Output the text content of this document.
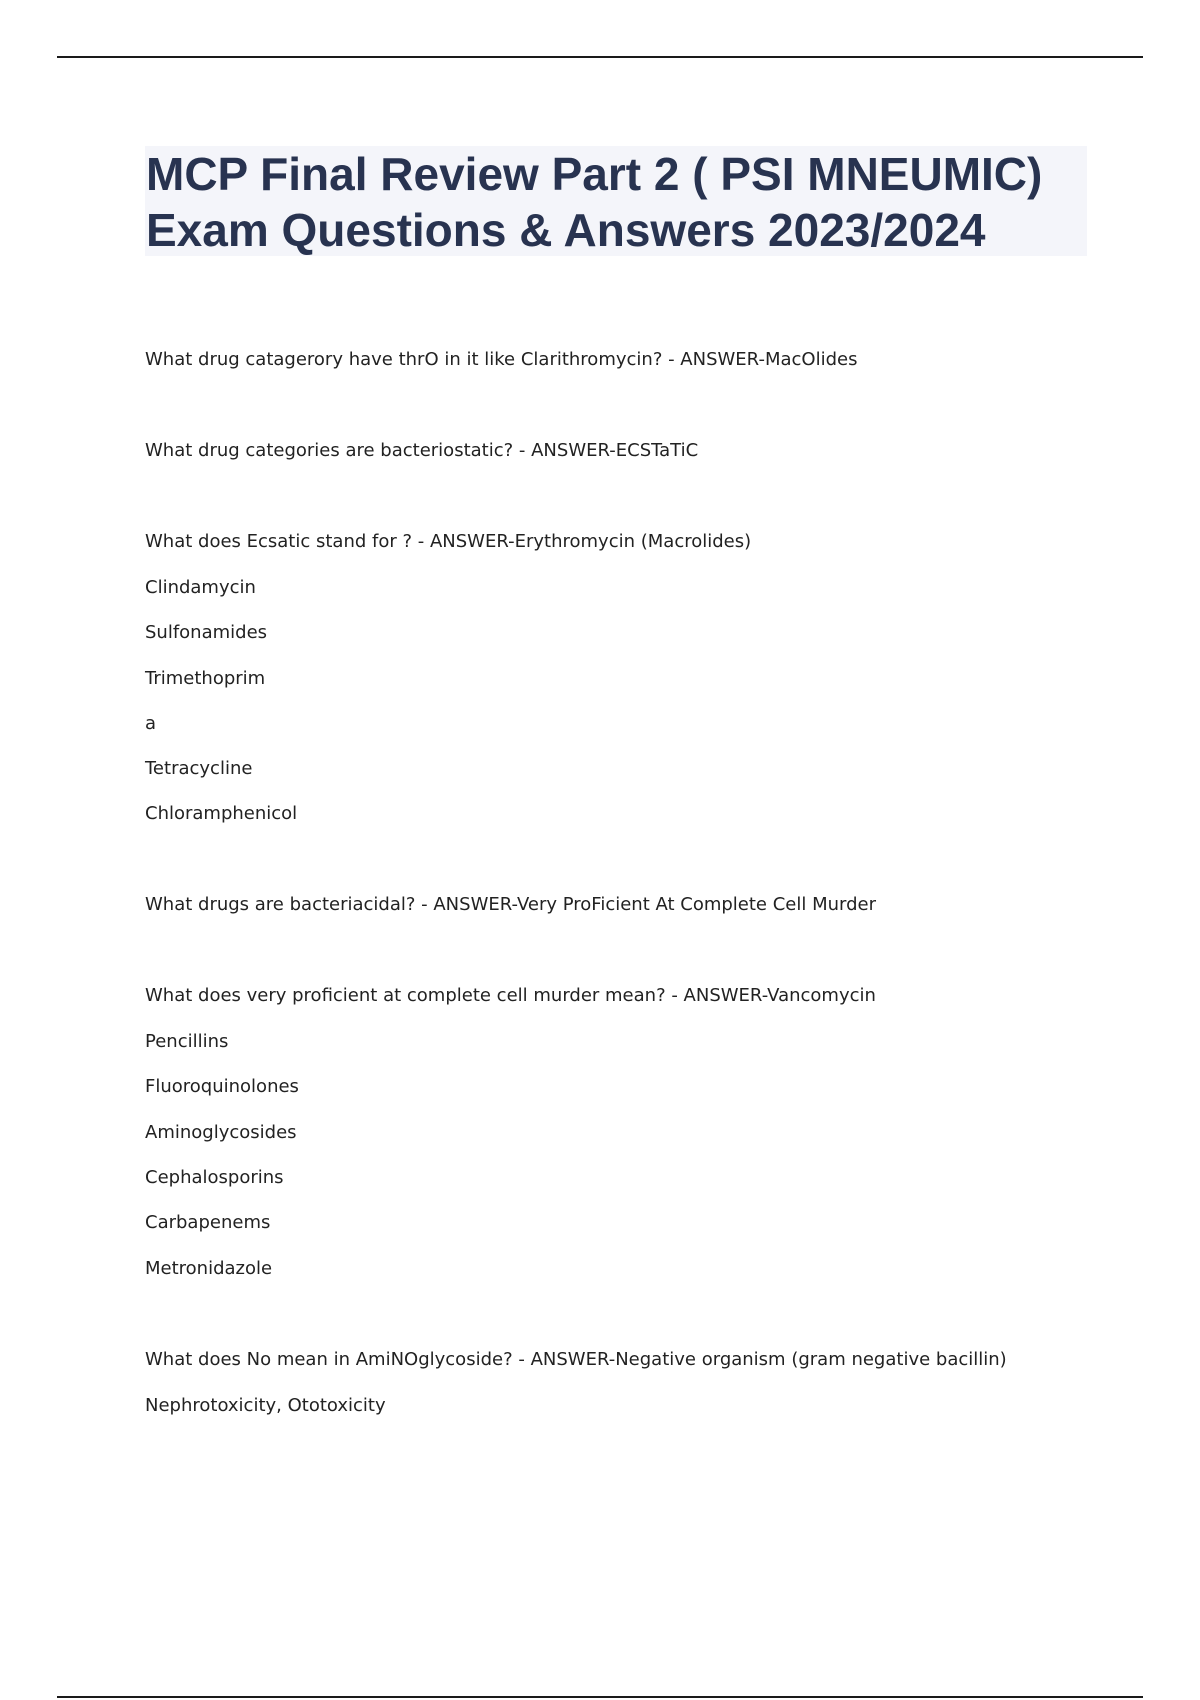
MCP Final Review Part 2 ( PSI MNEUMIC)
Exam Questions & Answers 2023/2024
What drug catagerory have thrO in it like Clarithromycin? - ANSWER-MacOlides
What drug categories are bacteriostatic? - ANSWER-ECSTaTiC
What does Ecsatic stand for ? - ANSWER-Erythromycin (Macrolides)
Clindamycin
Sulfonamides
Trimethoprim
a
Tetracycline
Chloramphenicol
What drugs are bacteriacidal? - ANSWER-Very ProFicient At Complete Cell Murder
What does very proficient at complete cell murder mean? - ANSWER-Vancomycin
Pencillins
Fluoroquinolones
Aminoglycosides
Cephalosporins
Carbapenems
Metronidazole
What does No mean in AmiNOglycoside? - ANSWER-Negative organism (gram negative bacillin)
Nephrotoxicity, Ototoxicity
